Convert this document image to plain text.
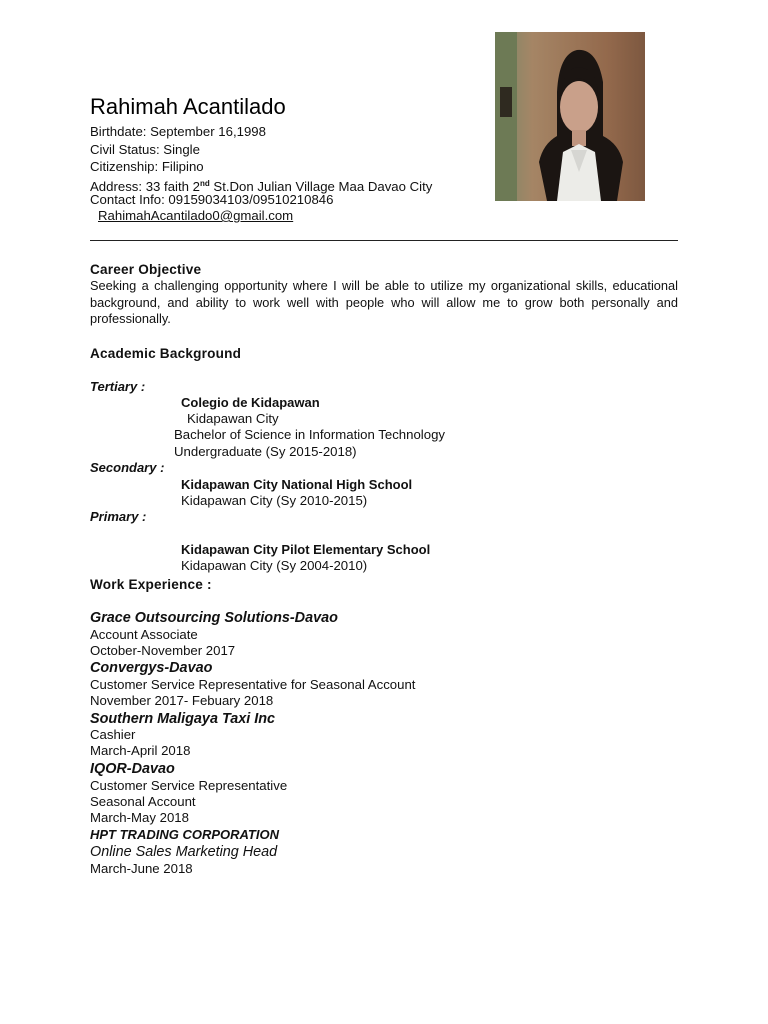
Rahimah Acantilado
Birthdate: September 16,1998
Civil Status: Single
Citizenship: Filipino
Address: 33 faith 2nd St.Don Julian Village Maa Davao City
Contact Info: 09159034103/09510210846
RahimahAcantilado0@gmail.com
Career Objective
Seeking a challenging opportunity where I will be able to utilize my organizational skills, educational background, and ability to work well with people who will allow me to grow both personally and professionally.
Academic Background
Tertiary :
Colegio de Kidapawan
Kidapawan City
Bachelor of Science in Information Technology
Undergraduate (Sy 2015-2018)
Secondary :
Kidapawan City National High School
Kidapawan City (Sy 2010-2015)
Primary :
Kidapawan City Pilot Elementary School
Kidapawan City (Sy 2004-2010)
Work Experience :
Grace Outsourcing Solutions-Davao
Account Associate
October-November 2017
Convergys-Davao
Customer Service Representative for Seasonal Account
November 2017- Febuary 2018
Southern Maligaya Taxi Inc
Cashier
March-April 2018
IQOR-Davao
Customer Service Representative
Seasonal Account
March-May 2018
HPT TRADING CORPORATION
Online Sales Marketing Head
March-June 2018
